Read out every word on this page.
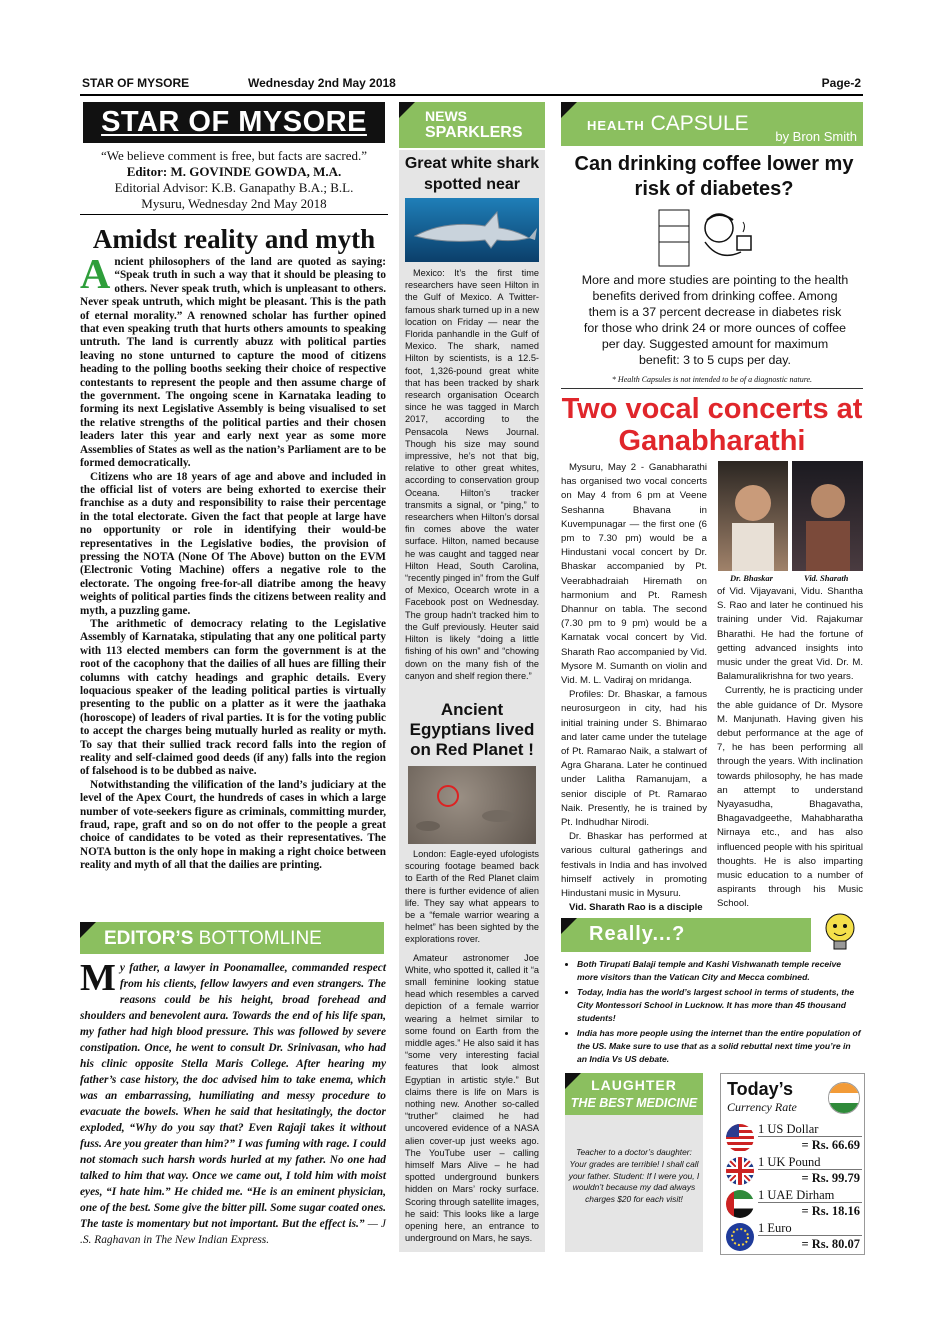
STAR OF MYSORE	Wednesday 2nd May 2018	Page-2
STAR OF MYSORE
“We believe comment is free, but facts are sacred.”
Editor: M. GOVINDE GOWDA, M.A.
Editorial Advisor: K.B. Ganapathy B.A.; B.L.
Mysuru, Wednesday 2nd May 2018
Amidst reality and myth

Ancient philosophers of the land are quoted as saying: “Speak truth in such a way that it should be pleasing to others. Never speak truth, which is unpleasant to others. Never speak untruth, which might be pleasant. This is the path of eternal morality.” A renowned scholar has further opined that even speaking truth that hurts others amounts to speaking untruth. The land is currently abuzz with political parties leaving no stone unturned to capture the mood of citizens heading to the polling booths seeking their choice of respective contestants to represent the people and then assume charge of the government. The ongoing scene in Karnataka leading to forming its next Legislative Assembly is being visualised to set the relative strengths of the political parties and their chosen leaders later this year and early next year as some more Assemblies of States as well as the nation’s Parliament are to be formed democratically.

Citizens who are 18 years of age and above and included in the official list of voters are being exhorted to exercise their franchise as a duty and responsibility to raise their percentage in the total electorate. Given the fact that people at large have no opportunity or role in identifying their would-be representatives in the Legislative bodies, the provision of pressing the NOTA (None Of The Above) button on the EVM (Electronic Voting Machine) offers a negative role to the electorate. The ongoing free-for-all diatribe among the heavy weights of political parties finds the citizens between reality and myth, a puzzling game.

The arithmetic of democracy relating to the Legislative Assembly of Karnataka, stipulating that any one political party with 113 elected members can form the government is at the root of the cacophony that the dailies of all hues are filling their columns with catchy headings and graphic details. Every loquacious speaker of the leading political parties is virtually presenting to the public on a platter as it were the jaathaka (horoscope) of leaders of rival parties. It is for the voting public to accept the charges being mutually hurled as reality or myth. To say that their sullied track record falls into the region of reality and self-claimed good deeds (if any) falls into the region of falsehood is to be dubbed as naive.

Notwithstanding the vilification of the land’s judiciary at the level of the Apex Court, the hundreds of cases in which a large number of vote-seekers figure as criminals, committing murder, fraud, rape, graft and so on do not offer to the people a great choice of candidates to be voted as their representatives. The NOTA button is the only hope in making a right choice between reality and myth of all that the dailies are printing.

EDITOR’S BOTTOMLINE
My father, a lawyer in Poonamallee, commanded respect from his clients, fellow lawyers and even strangers. The reasons could be his height, broad forehead and shoulders and benevolent aura. Towards the end of his life span, my father had high blood pressure. This was followed by severe constipation. Once, he went to consult Dr. Srinivasan, who had his clinic opposite Stella Maris College. After hearing my father’s case history, the doc advised him to take enema, which was an embarrassing, humiliating and messy procedure to evacuate the bowels. When he said that hesitatingly, the doctor exploded, “Why do you say that? Even Rajaji takes it without fuss. Are you greater than him?” I was fuming with rage. I could not stomach such harsh words hurled at my father. No one had talked to him that way. Once we came out, I told him with moist eyes, “I hate him.” He chided me. “He is an eminent physician, one of the best. Some give the bitter pill. Some sugar coated ones. The taste is momentary but not important. But the effect is.” — J .S. Raghavan in The New Indian Express.
NEWS
SPARKLERS
Great white shark spotted near

Mexico: It’s the first time researchers have seen Hilton in the Gulf of Mexico. A Twitter-famous shark turned up in a new location on Friday — near the Florida panhandle in the Gulf of Mexico. The shark, named Hilton by scientists, is a 12.5-foot, 1,326-pound great white that has been tracked by shark research organisation Ocearch since he was tagged in March 2017, according to the Pensacola News Journal. Though his size may sound impressive, he’s not that big, relative to other great whites, according to conservation group Oceana. Hilton’s tracker transmits a signal, or “ping,” to researchers when Hilton’s dorsal fin comes above the water surface. Hilton, named because he was caught and tagged near Hilton Head, South Carolina, “recently pinged in” from the Gulf of Mexico, Ocearch wrote in a Facebook post on Wednesday. The group hadn’t tracked him to the Gulf previously. Heuter said Hilton is likely “doing a little fishing of his own” and “chowing down on the many fish of the canyon and shelf region there.”

Ancient Egyptians lived on Red Planet !

London: Eagle-eyed ufologists scouring footage beamed back to Earth of the Red Planet claim there is further evidence of alien life. They say what appears to be a “female warrior wearing a helmet” has been sighted by the explorations rover.

Amateur astronomer Joe White, who spotted it, called it “a small feminine looking statue head which resembles a carved depiction of a female warrior wearing a helmet similar to some found on Earth from the middle ages.” He also said it has “some very interesting facial features that look almost Egyptian in artistic style.” But claims there is life on Mars is nothing new. Another so-called “truther” claimed he had uncovered evidence of a NASA alien cover-up just weeks ago. The YouTube user – calling himself Mars Alive – he had spotted underground bunkers hidden on Mars’ rocky surface. Scoring through satellite images, he said: This looks like a large opening here, an entrance to underground on Mars, he says.

HEALTH CAPSULE
by Bron Smith
Can drinking coffee lower my risk of diabetes?
More and more studies are pointing to the health benefits derived from drinking coffee. Among them is a 37 percent decrease in diabetes risk for those who drink 24 or more ounces of coffee per day. Suggested amount for maximum benefit: 3 to 5 cups per day.
* Health Capsules is not intended to be of a diagnostic nature.
Two vocal concerts at Ganabharathi

Mysuru, May 2 - Ganabharathi has organised two vocal concerts on May 4 from 6 pm at Veene Seshanna Bhavana in Kuvempunagar — the first one (6 pm to 7.30 pm) would be a Hindustani vocal concert by Dr. Bhaskar accompanied by Pt. Veerabhadraiah Hiremath on harmonium and Pt. Ramesh Dhannur on tabla. The second (7.30 pm to 9 pm) would be a Karnatak vocal concert by Vid. Sharath Rao accompanied by Vid. Mysore M. Sumanth on violin and Vid. M. L. Vadiraj on mridanga.

Profiles: Dr. Bhaskar, a famous neurosurgeon in city, had his initial training under S. Bhimarao and later came under the tutelage of Pt. Ramarao Naik, a stalwart of Agra Gharana. Later he continued under Lalitha Ramanujam, a senior disciple of Pt. Ramarao Naik. Presently, he is trained by Pt. Indhudhar Nirodi.

Dr. Bhaskar has performed at various cultural gatherings and festivals in India and has involved himself actively in promoting Hindustani music in Mysuru.

Vid. Sharath Rao is a disciple

Dr. Bhaskar	Vid. Sharath

of Vid. Vijayavani, Vidu. Shantha S. Rao and later he continued his training under Vid. Rajakumar Bharathi. He had the fortune of getting advanced insights into music under the great Vid. Dr. M. Balamuralikrishna for two years.

Currently, he is practicing under the able guidance of Dr. Mysore M. Manjunath. Having given his debut performance at the age of 7, he has been performing all through the years. With inclination towards philosophy, he has made an attempt to understand Nyayasudha, Bhagavatha, Bhagavadgeethe, Mahabharatha Nirnaya etc., and has also influenced people with his spiritual thoughts. He is also imparting music education to a number of aspirants through his Music School.

Really...?
• Both Tirupati Balaji temple and Kashi Vishwanath temple receive more visitors than the Vatican City and Mecca combined.
• Today, India has the world’s largest school in terms of students, the City Montessori School in Lucknow. It has more than 45 thousand students!
• India has more people using the internet than the entire population of the US. Make sure to use that as a solid rebuttal next time you’re in an India Vs US debate.
LAUGHTER
THE BEST MEDICINE
Teacher to a doctor’s daughter: Your grades are terrible! I shall call your father. Student: If I were you, I wouldn’t because my dad always charges $20 for each visit!
Today’s
Currency Rate
1 US Dollar
= Rs. 66.69
1 UK Pound
= Rs. 99.79
1 UAE Dirham
= Rs. 18.16
1 Euro
= Rs. 80.07
